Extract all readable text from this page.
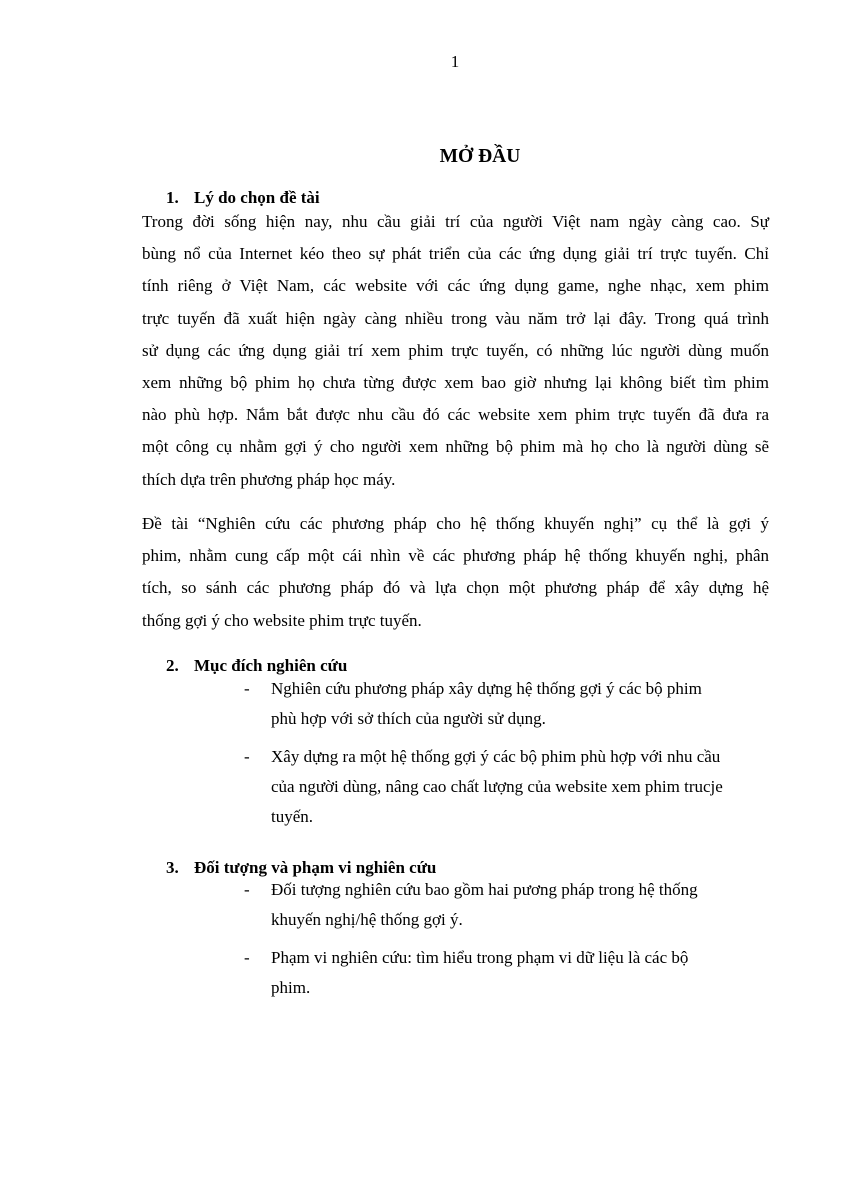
1
MỞ ĐẦU
1. Lý do chọn đề tài
Trong đời sống hiện nay, nhu cầu giải trí của người Việt nam ngày càng cao. Sự
bùng nổ của Internet kéo theo sự phát triển của các ứng dụng giải trí trực tuyến. Chỉ
tính riêng ở Việt Nam, các website với các ứng dụng game, nghe nhạc, xem phim
trực tuyến đã xuất hiện ngày càng nhiều trong vàu năm trở lại đây. Trong quá trình
sử dụng các ứng dụng giải trí xem phim trực tuyến, có những lúc người dùng muốn
xem những bộ phim họ chưa từng được xem bao giờ nhưng lại không biết tìm phim
nào phù hợp. Nắm bắt được nhu cầu đó các website xem phim trực tuyến đã đưa ra
một công cụ nhằm gợi ý cho người xem những bộ phim mà họ cho là người dùng sẽ
thích dựa trên phương pháp học máy.
Đề tài “Nghiên cứu các phương pháp cho hệ thống khuyến nghị” cụ thể là gợi ý
phim, nhằm cung cấp một cái nhìn về các phương pháp hệ thống khuyến nghị, phân
tích, so sánh các phương pháp đó và lựa chọn một phương pháp để xây dựng hệ
thống gợi ý cho website phim trực tuyến.
2. Mục đích nghiên cứu
- Nghiên cứu phương pháp xây dựng hệ thống gợi ý các bộ phim
phù hợp với sở thích của người sử dụng.
- Xây dựng ra một hệ thống gợi ý các bộ phim phù hợp với nhu cầu
của người dùng, nâng cao chất lượng của website xem phim trucje
tuyến.
3. Đối tượng và phạm vi nghiên cứu
- Đối tượng nghiên cứu bao gồm hai pương pháp trong hệ thống
khuyến nghị/hệ thống gợi ý.
- Phạm vi nghiên cứu: tìm hiểu trong phạm vi dữ liệu là các bộ
phim.
